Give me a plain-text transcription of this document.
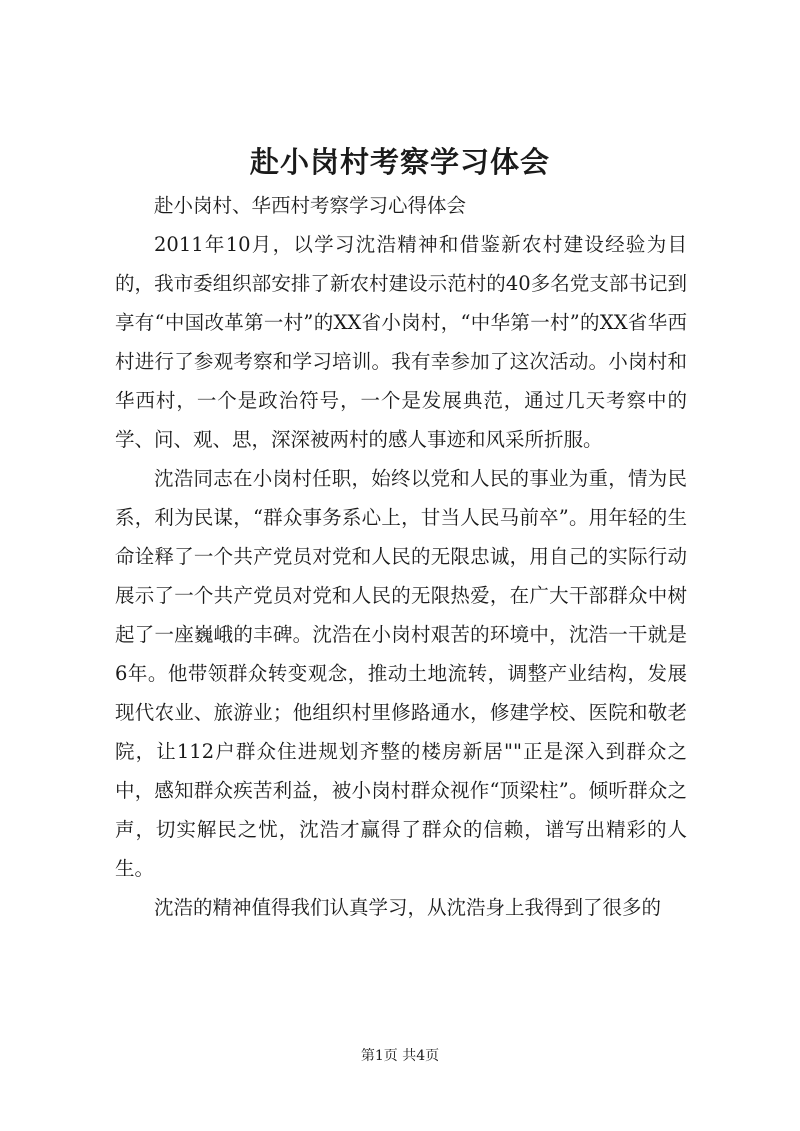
赴小岗村考察学习体会

赴小岗村、华西村考察学习心得体会

2011年10月，以学习沈浩精神和借鉴新农村建设经验为目的，我市委组织部安排了新农村建设示范村的40多名党支部书记到享有“中国改革第一村”的XX省小岗村，“中华第一村”的XX省华西村进行了参观考察和学习培训。我有幸参加了这次活动。小岗村和华西村，一个是政治符号，一个是发展典范，通过几天考察中的学、问、观、思，深深被两村的感人事迹和风采所折服。

沈浩同志在小岗村任职，始终以党和人民的事业为重，情为民系，利为民谋，“群众事务系心上，甘当人民马前卒”。用年轻的生命诠释了一个共产党员对党和人民的无限忠诚，用自己的实际行动展示了一个共产党员对党和人民的无限热爱，在广大干部群众中树起了一座巍峨的丰碑。沈浩在小岗村艰苦的环境中，沈浩一干就是6年。他带领群众转变观念，推动土地流转，调整产业结构，发展现代农业、旅游业；他组织村里修路通水，修建学校、医院和敬老院，让112户群众住进规划齐整的楼房新居""正是深入到群众之中，感知群众疾苦利益，被小岗村群众视作“顶梁柱”。倾听群众之声，切实解民之忧，沈浩才赢得了群众的信赖，谱写出精彩的人生。

沈浩的精神值得我们认真学习，从沈浩身上我得到了很多的

第1页 共4页
